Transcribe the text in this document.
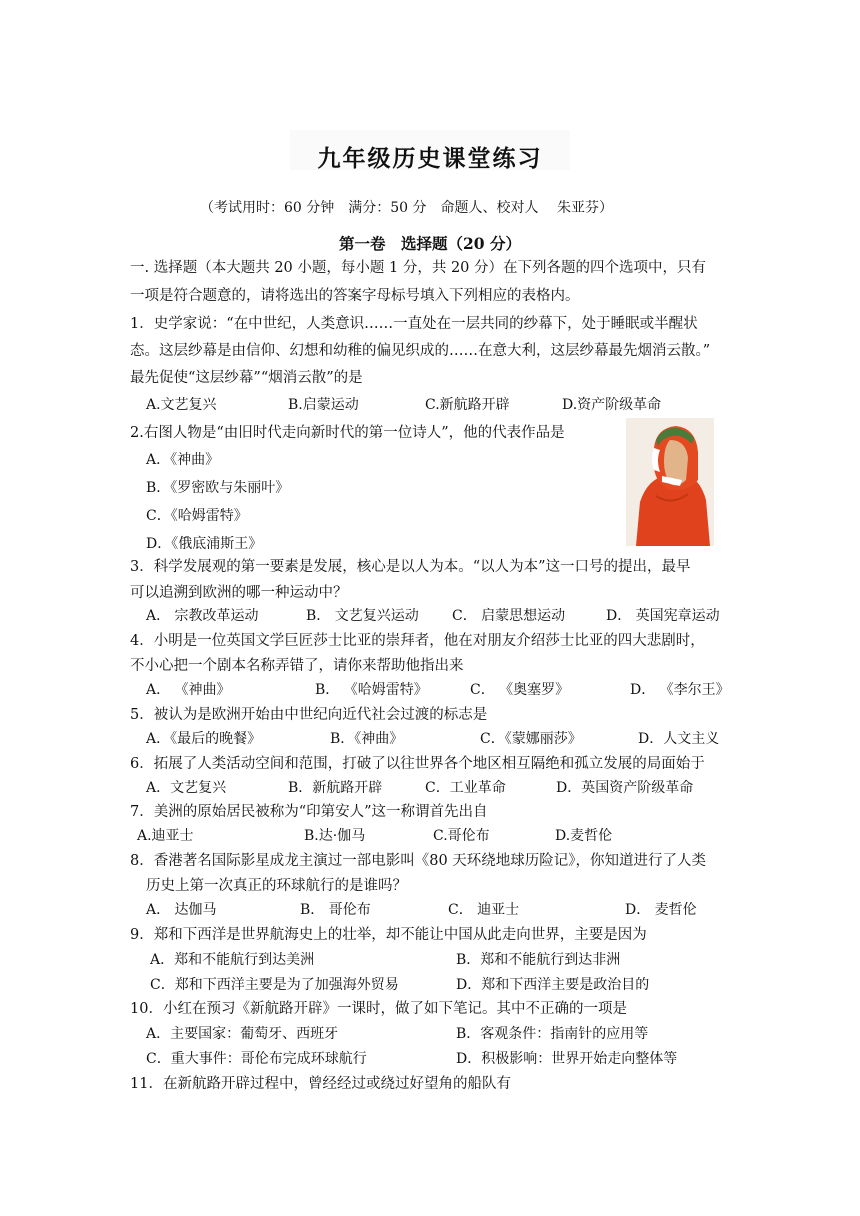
九年级历史课堂练习
（考试用时：60 分钟　满分：50 分　命题人、校对人　 朱亚芬）
第一卷　选择题（20 分）
一. 选择题（本大题共 20 小题，每小题 1 分，共 20 分）在下列各题的四个选项中，只有
一项是符合题意的，请将选出的答案字母标号填入下列相应的表格内。
1．史学家说：“在中世纪，人类意识……一直处在一层共同的纱幕下，处于睡眠或半醒状
态。这层纱幕是由信仰、幻想和幼稚的偏见织成的……在意大利，这层纱幕最先烟消云散。”
最先促使“这层纱幕”“烟消云散”的是
A.文艺复兴	B.启蒙运动	C.新航路开辟	D.资产阶级革命
2.右图人物是“由旧时代走向新时代的第一位诗人”，他的代表作品是
A．《神曲》
B．《罗密欧与朱丽叶》
C．《哈姆雷特》
D．《俄底浦斯王》
3．科学发展观的第一要素是发展，核心是以人为本。“以人为本”这一口号的提出，最早
可以追溯到欧洲的哪一种运动中？
A． 宗教改革运动	B． 文艺复兴运动 C． 启蒙思想运动	D． 英国宪章运动
4．小明是一位英国文学巨匠莎士比亚的崇拜者，他在对朋友介绍莎士比亚的四大悲剧时，
不小心把一个剧本名称弄错了，请你来帮助他指出来
A． 《神曲》	B． 《哈姆雷特》	C． 《奥塞罗》	D． 《李尔王》
5．被认为是欧洲开始由中世纪向近代社会过渡的标志是
A．《最后的晚餐》	B．《神曲》	C．《蒙娜丽莎》	D．人文主义
6．拓展了人类活动空间和范围，打破了以往世界各个地区相互隔绝和孤立发展的局面始于
A．文艺复兴	B．新航路开辟	C．工业革命	D．英国资产阶级革命
7．美洲的原始居民被称为“印第安人”这一称谓首先出自
A.迪亚士	B.达·伽马	C.哥伦布	D.麦哲伦
8．香港著名国际影星成龙主演过一部电影叫《80 天环绕地球历险记》，你知道进行了人类
历史上第一次真正的环球航行的是谁吗？
A． 达伽马	B． 哥伦布	C． 迪亚士	D． 麦哲伦
9．郑和下西洋是世界航海史上的壮举，却不能让中国从此走向世界，主要是因为
A．郑和不能航行到达美洲	B．郑和不能航行到达非洲
C．郑和下西洋主要是为了加强海外贸易	D．郑和下西洋主要是政治目的
10．小红在预习《新航路开辟》一课时，做了如下笔记。其中不正确的一项是
A．主要国家：葡萄牙、西班牙	B．客观条件：指南针的应用等
C．重大事件：哥伦布完成环球航行	D．积极影响：世界开始走向整体等
11．在新航路开辟过程中，曾经经过或绕过好望角的船队有
